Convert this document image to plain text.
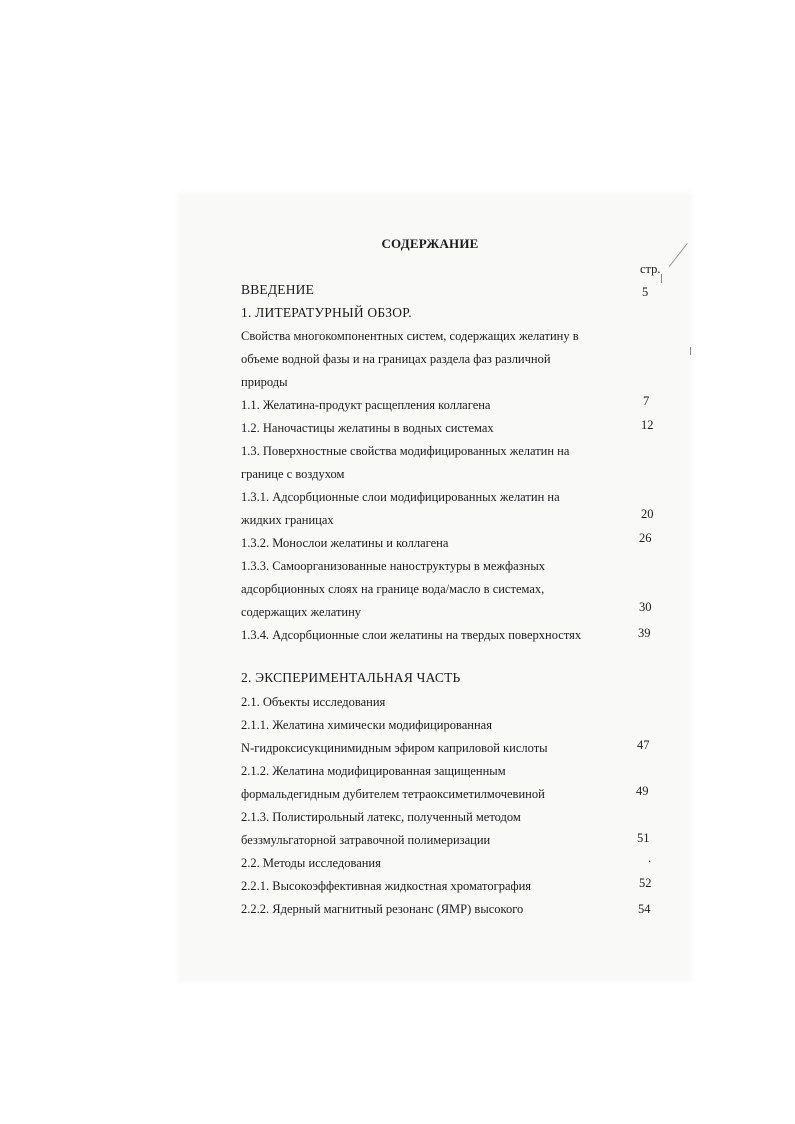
СОДЕРЖАНИЕ
стр.
ВВЕДЕНИЕ
1. ЛИТЕРАТУРНЫЙ ОБЗОР.
Свойства многокомпонентных систем, содержащих желатину в
объеме водной фазы и на границах раздела фаз различной
природы
1.1. Желатина-продукт расщепления коллагена
1.2. Наночастицы желатины в водных системах
1.3. Поверхностные свойства модифицированных желатин на
границе с воздухом
1.3.1. Адсорбционные слои модифицированных желатин на
жидких границах
1.3.2. Монослои желатины и коллагена
1.3.3. Самоорганизованные наноструктуры в межфазных
адсорбционных слоях на границе вода/масло в системах,
содержащих желатину
1.3.4. Адсорбционные слои желатины на твердых поверхностях
2. ЭКСПЕРИМЕНТАЛЬНАЯ ЧАСТЬ
2.1. Объекты исследования
2.1.1. Желатина химически модифицированная
N-гидроксисукцинимидным эфиром каприловой кислоты
2.1.2. Желатина модифицированная защищенным
формальдегидным дубителем тетраоксиметилмочевиной
2.1.3. Полистирольный латекс, полученный методом
беззмульгаторной затравочной полимеризации
2.2. Методы исследования
2.2.1. Высокоэффективная жидкостная хроматография
2.2.2. Ядерный магнитный резонанс (ЯМР) высокого
5
7
12
20
26
30
39
47
49
51
.
52
54
